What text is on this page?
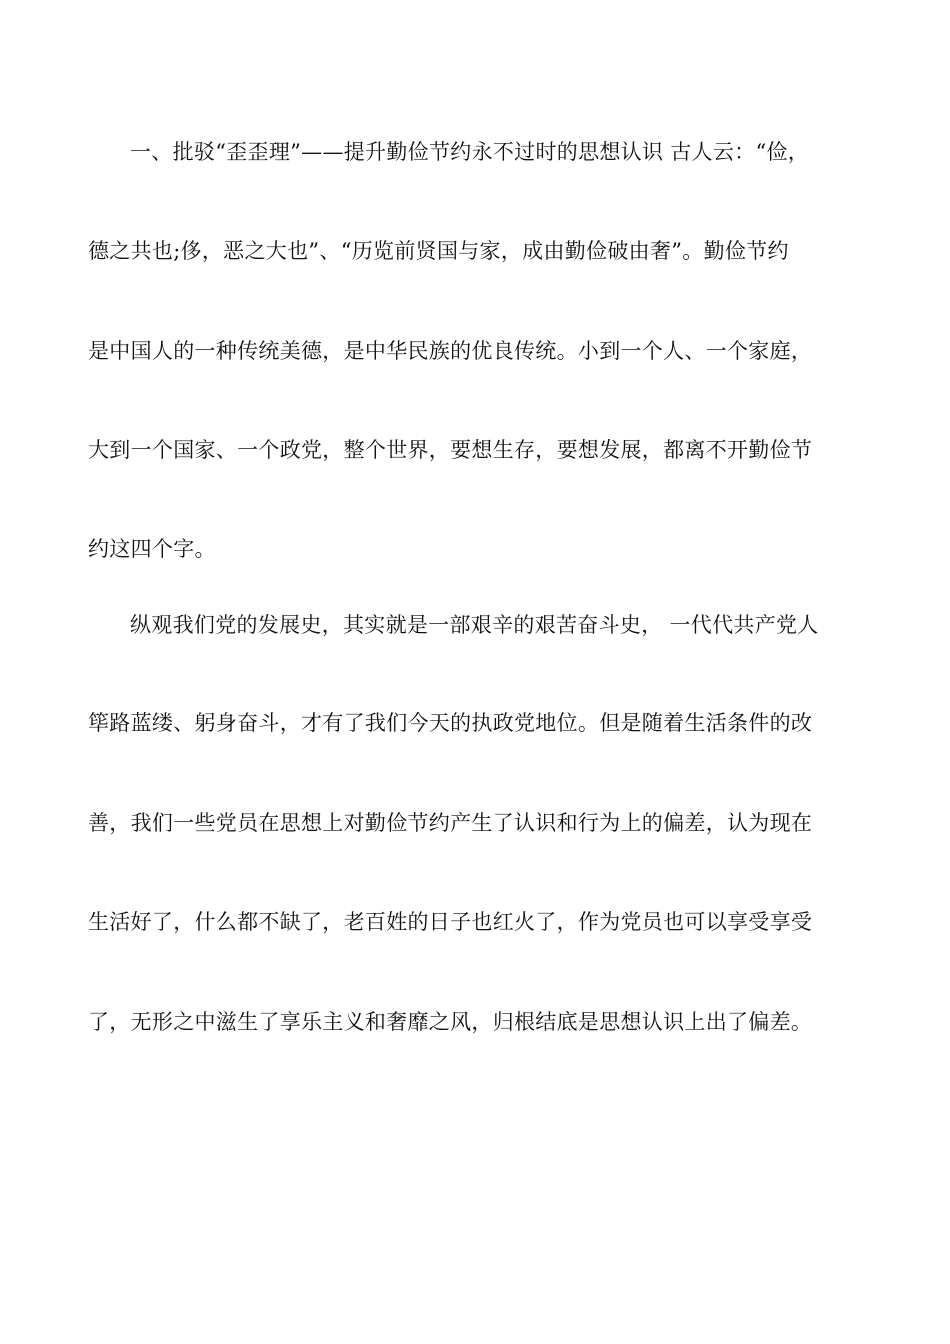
一、批驳“歪歪理”——提升勤俭节约永不过时的思想认识 古人云：“俭，
德之共也;侈，恶之大也”、“历览前贤国与家，成由勤俭破由奢”。勤俭节约
是中国人的一种传统美德，是中华民族的优良传统。小到一个人、一个家庭，
大到一个国家、一个政党，整个世界，要想生存，要想发展，都离不开勤俭节
约这四个字。
纵观我们党的发展史，其实就是一部艰辛的艰苦奋斗史， 一代代共产党人
筚路蓝缕、躬身奋斗，才有了我们今天的执政党地位。但是随着生活条件的改
善，我们一些党员在思想上对勤俭节约产生了认识和行为上的偏差，认为现在
生活好了，什么都不缺了，老百姓的日子也红火了，作为党员也可以享受享受
了，无形之中滋生了享乐主义和奢靡之风，归根结底是思想认识上出了偏差。
